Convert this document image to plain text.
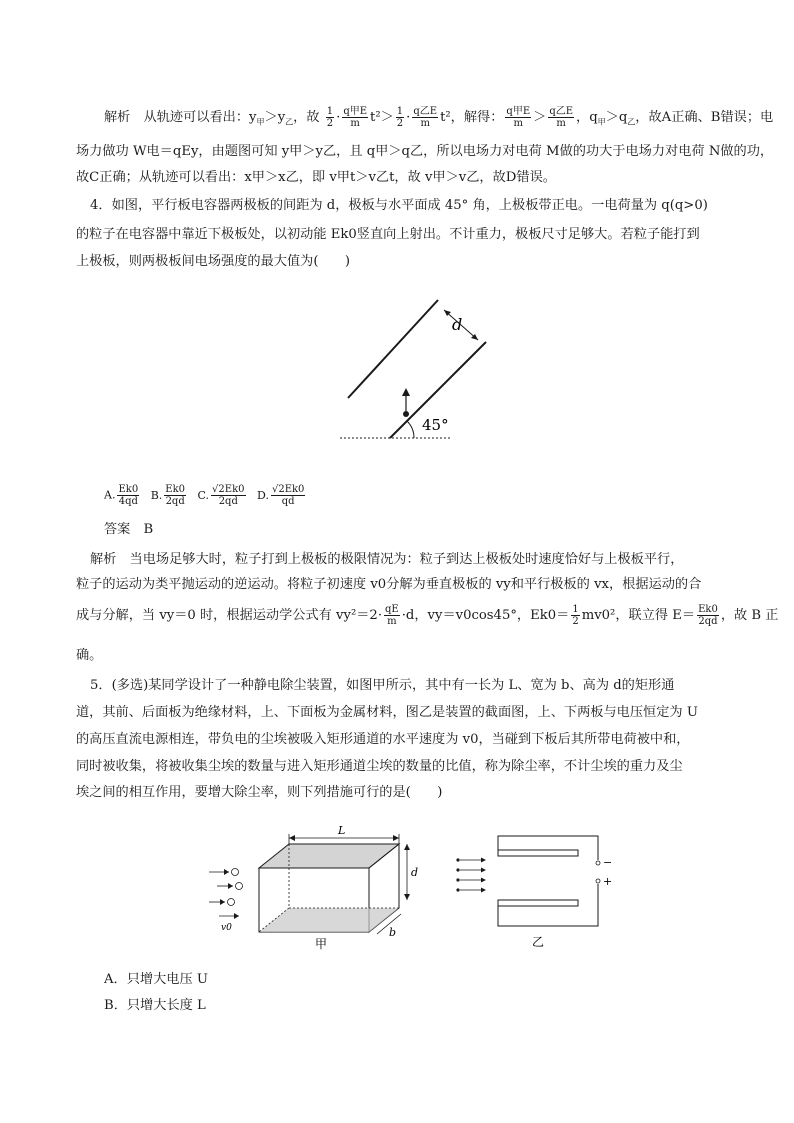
解析　从轨迹可以看出：$y_甲>y_乙$，故 $\frac{1}{2} \cdot \frac{\text{q甲E}}{m} t^2> \frac{1}{2} \cdot \frac{\text{q乙E}}{m} t^2$，解得： $\frac{\text{q甲E}}{m} > \frac{\text{q乙E}}{m}$ ，$q_甲>q_乙$，故A正确、B错误；电
场力做功 W电＝qEy，由题图可知 y甲＞y乙，且 q甲＞q乙，所以电场力对电荷 M做的功大于电场力对电荷 N做的功，
故C正确；从轨迹可以看出：x甲＞x乙，即 v甲t＞v乙t，故 v甲＞v乙，故D错误。
4．如图，平行板电容器两极板的间距为 d，极板与水平面成 45° 角，上极板带正电。一电荷量为 q(q>0)
的粒子在电容器中靠近下极板处，以初动能 Ek0竖直向上射出。不计重力，极板尺寸足够大。若粒子能打到
上极板，则两极板间电场强度的最大值为(　　)
d
45°
A. $\frac{Ek0}{4qd} B$. $\frac{Ek0}{2qd} C$. $\frac{√2Ek0}{2qd} D$. $\frac{√2Ek0}{qd}$
答案　B
解析　当电场足够大时，粒子打到上极板的极限情况为：粒子到达上极板处时速度恰好与上极板平行，
粒子的运动为类平抛运动的逆运动。将粒子初速度 v0分解为垂直极板的 vy和平行极板的 vx，根据运动的合
成与分解，当 vy＝0 时，根据运动学公式有 $vy^2=2\cdot \frac{qE}{m} \cdot d$，vy＝v0cos45°，$Ek0= \frac{1}{2} mv0^2$，联立得 $E= \frac{Ek0}{2qd}$ ，故 B 正
确。
5．(多选)某同学设计了一种静电除尘装置，如图甲所示，其中有一长为 L、宽为 b、高为 d的矩形通
道，其前、后面板为绝缘材料，上、下面板为金属材料，图乙是装置的截面图，上、下两板与电压恒定为 U
的高压直流电源相连，带负电的尘埃被吸入矩形通道的水平速度为 v0，当碰到下板后其所带电荷被中和，
同时被收集，将被收集尘埃的数量与进入矩形通道尘埃的数量的比值，称为除尘率，不计尘埃的重力及尘
埃之间的相互作用，要增大除尘率，则下列措施可行的是(　　)
L
d
b
v0
甲
−
+
乙
A．只增大电压 U
B．只增大长度 L
